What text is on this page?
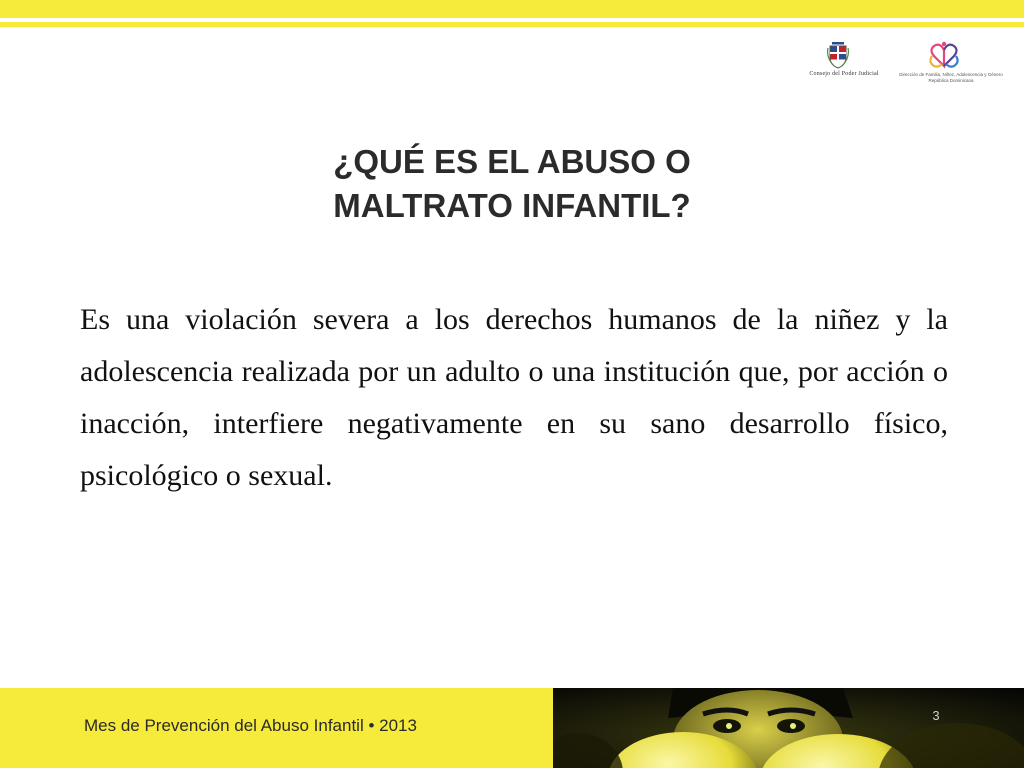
Consejo del Poder Judicial	Dirección de Familia, Niñez, Adolescencia y Género
República Dominicana
¿QUÉ ES EL ABUSO O
MALTRATO INFANTIL?

Es una violación severa a los derechos humanos de la niñez y la adolescencia realizada por un adulto o una institución que, por acción o inacción, interfiere negativamente en su sano desarrollo físico, psicológico o sexual.

Mes de Prevención del Abuso Infantil • 2013
3
